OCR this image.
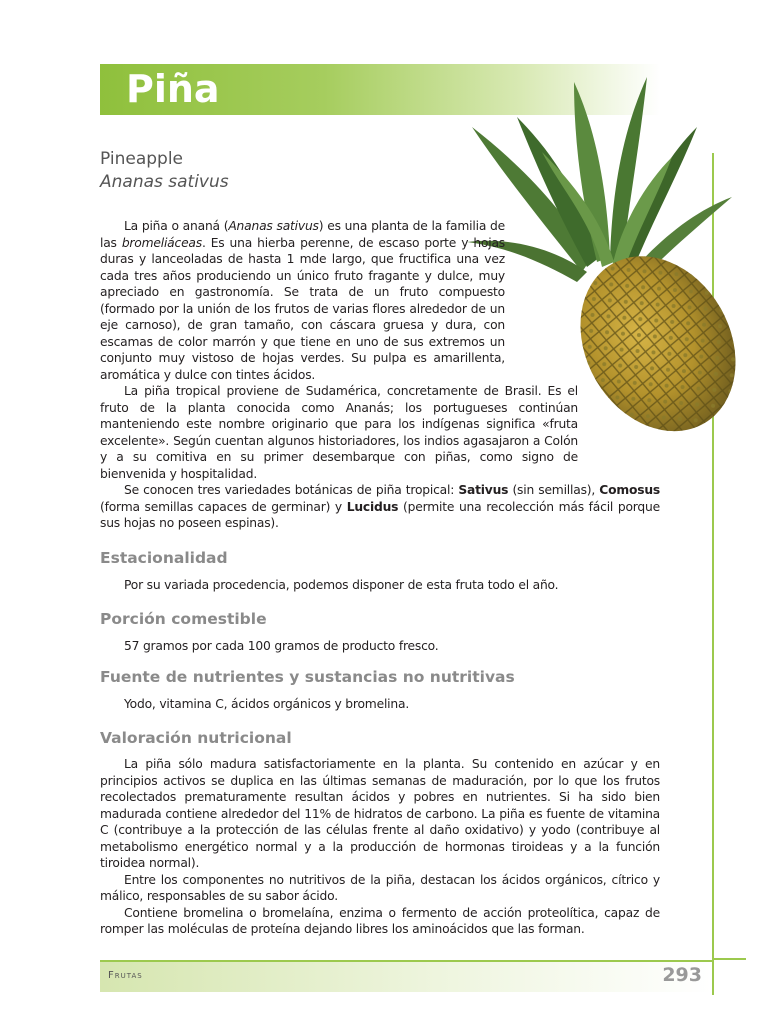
Piña
Pineapple
Ananas sativus

La piña o ananá (Ananas sativus) es una planta de la familia de las bromeliáceas. Es una hierba perenne, de escaso porte y hojas duras y lanceoladas de hasta 1 mde largo, que fructifica una vez cada tres años produciendo un único fruto fragante y dulce, muy apreciado en gastronomía. Se trata de un fruto compuesto (formado por la unión de los frutos de varias flores alrededor de un eje carnoso), de gran tamaño, con cáscara gruesa y dura, con escamas de color marrón y que tiene en uno de sus extremos un conjunto muy vistoso de hojas verdes. Su pulpa es amarillenta, aromática y dulce con tintes ácidos.

La piña tropical proviene de Sudamérica, concretamente de Brasil. Es el fruto de la planta conocida como Ananás; los portugueses continúan manteniendo este nombre originario que para los indígenas significa «fruta excelente». Según cuentan algunos historiadores, los indios agasajaron a Colón y a su comitiva en su primer desembarque con piñas, como signo de bienvenida y hospitalidad.

Se conocen tres variedades botánicas de piña tropical: Sativus (sin semillas), Comosus (forma semillas capaces de germinar) y Lucidus (permite una recolección más fácil porque sus hojas no poseen espinas).

Estacionalidad

Por su variada procedencia, podemos disponer de esta fruta todo el año.

Porción comestible

57 gramos por cada 100 gramos de producto fresco.

Fuente de nutrientes y sustancias no nutritivas

Yodo, vitamina C, ácidos orgánicos y bromelina.

Valoración nutricional

La piña sólo madura satisfactoriamente en la planta. Su contenido en azúcar y en principios activos se duplica en las últimas semanas de maduración, por lo que los frutos recolectados prematuramente resultan ácidos y pobres en nutrientes. Si ha sido bien madurada contiene alrededor del 11% de hidratos de carbono. La piña es fuente de vitamina C (contribuye a la protección de las células frente al daño oxidativo) y yodo (contribuye al metabolismo energético normal y a la producción de hormonas tiroideas y a la función tiroidea normal).

Entre los componentes no nutritivos de la piña, destacan los ácidos orgánicos, cítrico y málico, responsables de su sabor ácido.

Contiene bromelina o bromelaína, enzima o fermento de acción proteolítica, capaz de romper las moléculas de proteína dejando libres los aminoácidos que las forman.

Frutas	293
